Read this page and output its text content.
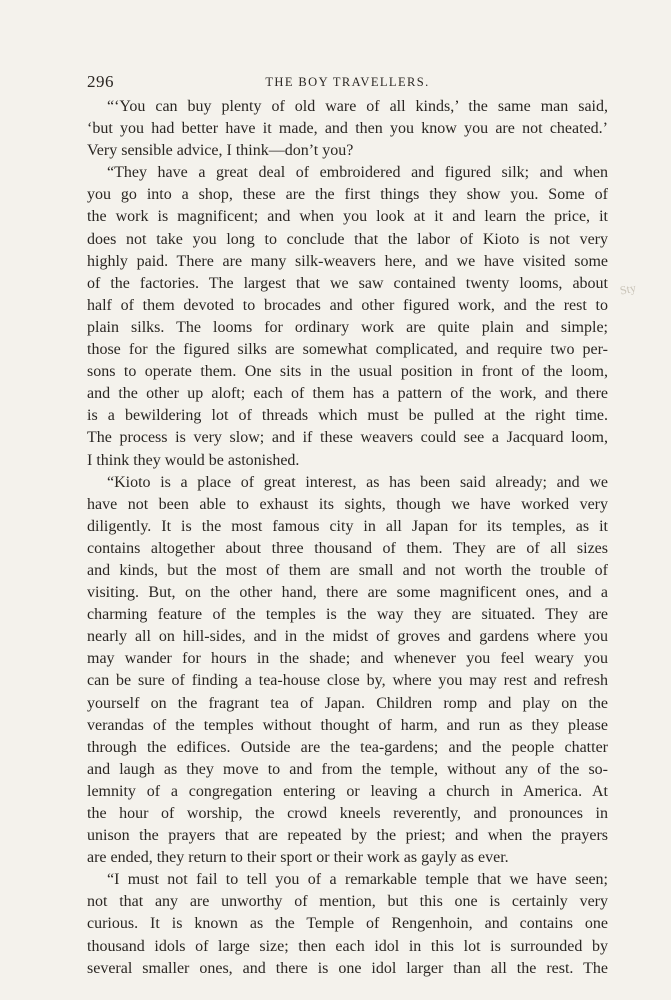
296	THE BOY TRAVELLERS.
“‘You can buy plenty of old ware of all kinds,’ the same man said,
‘but you had better have it made, and then you know you are not cheated.’
Very sensible advice, I think—don’t you?
“They have a great deal of embroidered and figured silk; and when
you go into a shop, these are the first things they show you. Some of
the work is magnificent; and when you look at it and learn the price, it
does not take you long to conclude that the labor of Kioto is not very
highly paid. There are many silk-weavers here, and we have visited some
of the factories. The largest that we saw contained twenty looms, about
half of them devoted to brocades and other figured work, and the rest to
plain silks. The looms for ordinary work are quite plain and simple;
those for the figured silks are somewhat complicated, and require two per-
sons to operate them. One sits in the usual position in front of the loom,
and the other up aloft; each of them has a pattern of the work, and there
is a bewildering lot of threads which must be pulled at the right time.
The process is very slow; and if these weavers could see a Jacquard loom,
I think they would be astonished.
“Kioto is a place of great interest, as has been said already; and we
have not been able to exhaust its sights, though we have worked very
diligently. It is the most famous city in all Japan for its temples, as it
contains altogether about three thousand of them. They are of all sizes
and kinds, but the most of them are small and not worth the trouble of
visiting. But, on the other hand, there are some magnificent ones, and a
charming feature of the temples is the way they are situated. They are
nearly all on hill-sides, and in the midst of groves and gardens where you
may wander for hours in the shade; and whenever you feel weary you
can be sure of finding a tea-house close by, where you may rest and refresh
yourself on the fragrant tea of Japan. Children romp and play on the
verandas of the temples without thought of harm, and run as they please
through the edifices. Outside are the tea-gardens; and the people chatter
and laugh as they move to and from the temple, without any of the so-
lemnity of a congregation entering or leaving a church in America. At
the hour of worship, the crowd kneels reverently, and pronounces in
unison the prayers that are repeated by the priest; and when the prayers
are ended, they return to their sport or their work as gayly as ever.
“I must not fail to tell you of a remarkable temple that we have seen;
not that any are unworthy of mention, but this one is certainly very
curious. It is known as the Temple of Rengenhoin, and contains one
thousand idols of large size; then each idol in this lot is surrounded by
several smaller ones, and there is one idol larger than all the rest. The
Sty
